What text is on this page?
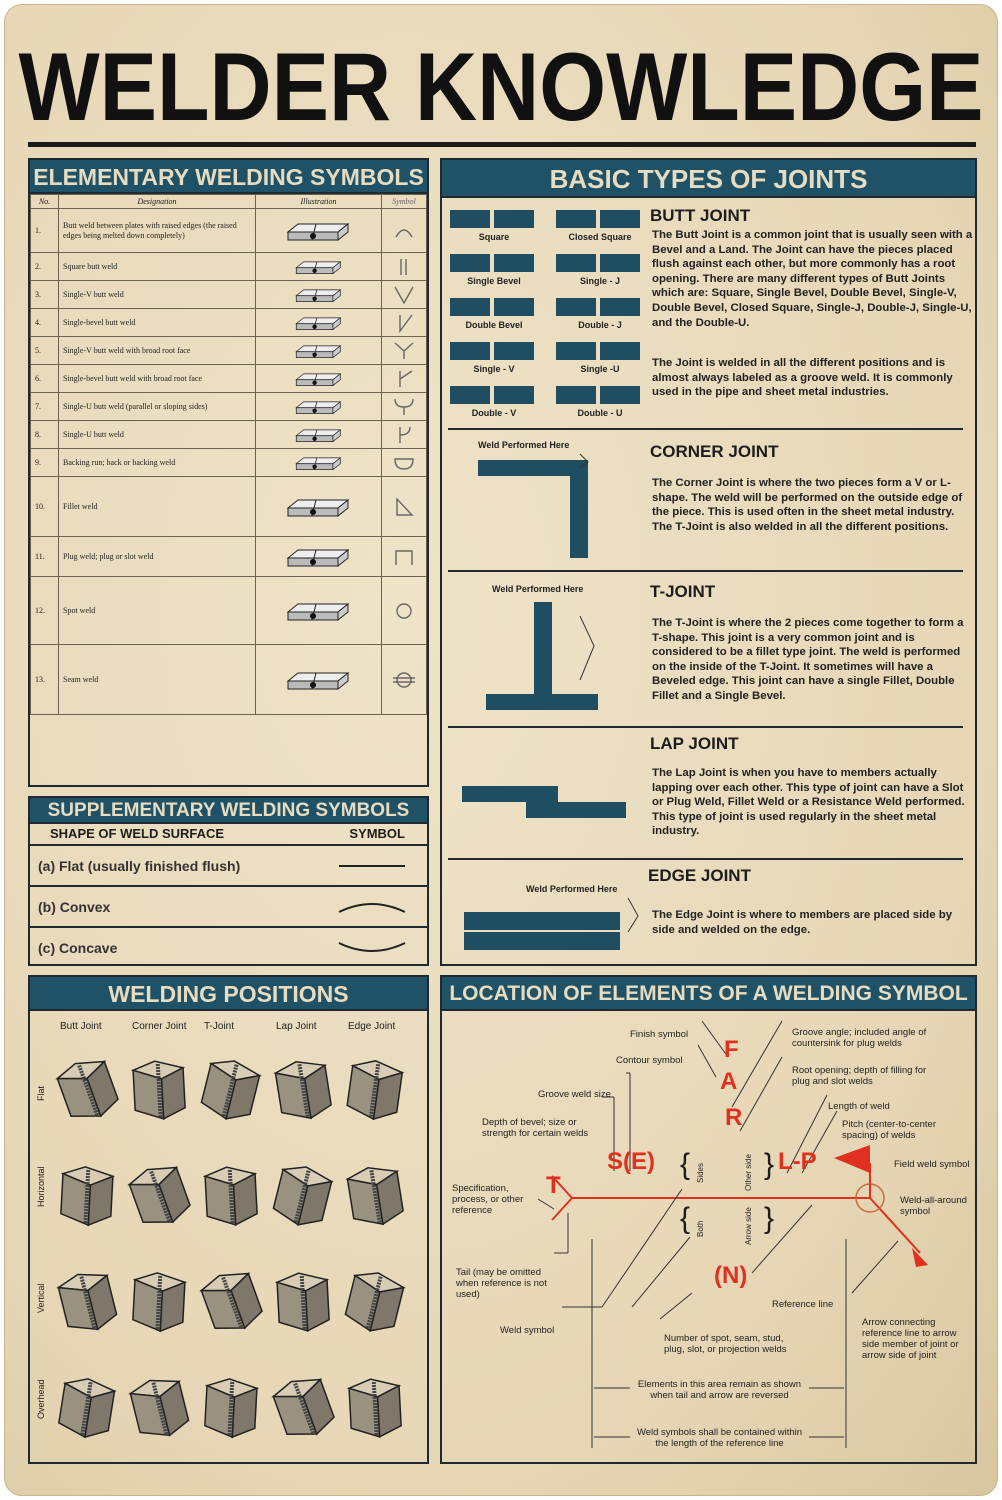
WELDER KNOWLEDGE
ELEMENTARY WELDING SYMBOLS
No.	Designation	Illustration	Symbol
1.	Butt weld between plates with raised edges (the raised edges being melted down completely)	

2.	Square butt weld	

3.	Single-V butt weld	

4.	Single-bevel butt weld	

5.	Single-V butt weld with broad root face	

6.	Single-bevel butt weld with broad root face	

7.	Single-U butt weld (parallel or sloping sides)	

8.	Single-U butt weld	

9.	Backing run; back or backing weld	

10.	Fillet weld	

11.	Plug weld; plug or slot weld	

12.	Spot weld	

13.	Seam weld	

SUPPLEMENTARY WELDING SYMBOLS
SHAPE OF WELD SURFACE	SYMBOL
(a) Flat (usually finished flush)
(b) Convex
(c) Concave
WELDING POSITIONS
Butt Joint	Corner Joint T-Joint	Lap Joint	Edge Joint
Flat
Horizontal
Vertical
Overhead
BASIC TYPES OF JOINTS
Square	Closed Square
Single Bevel	Single - J
Double Bevel	Double - J
Single - V	Single -U
Double - V	Double - U
BUTT JOINT
The Butt Joint is a common joint that is usually seen with a Bevel and a Land. The Joint can have the pieces placed flush against each other, but more commonly has a root opening. There are many different types of Butt Joints which are: Square, Single Bevel, Double Bevel, Single-V, Double Bevel, Closed Square, Single-J, Double-J, Single-U, and the Double-U.
The Joint is welded in all the different positions and is almost always labeled as a groove weld. It is commonly used in the pipe and sheet metal industries.
Weld Performed Here	CORNER JOINT
The Corner Joint is where the two pieces form a V or L-shape. The weld will be performed on the outside edge of the piece. This is used often in the sheet metal industry. The T-Joint is also welded in all the different positions.
Weld Performed Here	T-JOINT
The T-Joint is where the 2 pieces come together to form a T-shape. This joint is a very common joint and is considered to be a fillet type joint. The weld is performed on the inside of the T-Joint. It sometimes will have a Beveled edge. This joint can have a single Fillet, Double Fillet and a Single Bevel.
LAP JOINT
The Lap Joint is when you have to members actually lapping over each other. This type of joint can have a Slot or Plug Weld, Fillet Weld or a Resistance Weld performed. This type of joint is used regularly in the sheet metal industry.
Weld Performed Here
EDGE JOINT
The Edge Joint is where to members are placed side by side and welded on the edge.
LOCATION OF ELEMENTS OF A WELDING SYMBOL
F
A
R
S(E)	L-P
T
(N)
{ }
{ }
Sides	Other side
Both	Arrow side
Finish symbol
Contour symbol
Groove angle; included angle of countersink for plug welds
Root opening; depth of filling for plug and slot welds
Groove weld size
Depth of bevel; size or strength for certain welds
Length of weld
Pitch (center-to-center spacing) of welds
Field weld symbol
Specification, process, or other reference
Weld-all-around symbol
Tail (may be omitted when reference is not used)
Reference line
Weld symbol
Number of spot, seam, stud, plug, slot, or projection welds
Arrow connecting reference line to arrow side member of joint or arrow side of joint
Elements in this area remain as shown when tail and arrow are reversed
Weld symbols shall be contained within the length of the reference line
